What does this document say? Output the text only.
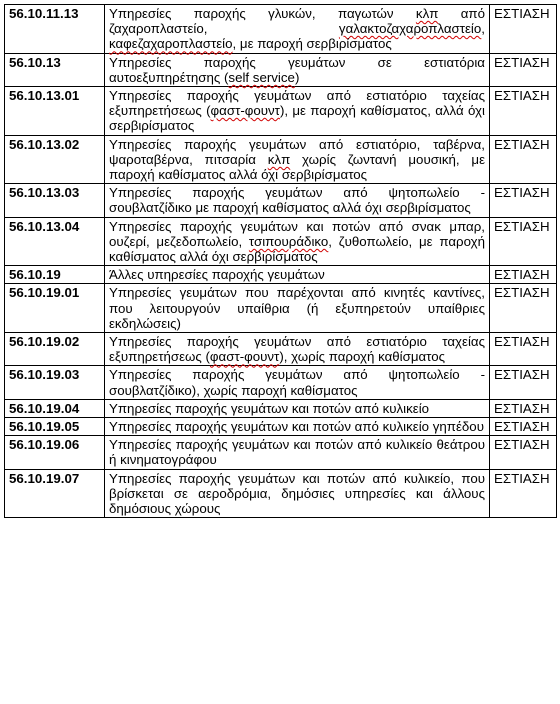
56.10.11.13	Υπηρεσίες παροχής γλυκών, παγωτών κλπ από ζαχαροπλαστείο, γαλακτοζαχαροπλαστείο, καφεζαχαροπλαστείο, με παροχή σερβιρίσματος	ΕΣΤΙΑΣΗ
56.10.13	Υπηρεσίες παροχής γευμάτων σε εστιατόρια αυτοεξυπηρέτησης (self service)	ΕΣΤΙΑΣΗ
56.10.13.01	Υπηρεσίες παροχής γευμάτων από εστιατόριο ταχείας εξυπηρετήσεως (φαστ-φουντ), με παροχή καθίσματος, αλλά όχι σερβιρίσματος	ΕΣΤΙΑΣΗ
56.10.13.02	Υπηρεσίες παροχής γευμάτων από εστιατόριο, ταβέρνα, ψαροταβέρνα, πιτσαρία κλπ χωρίς ζωντανή μουσική, με παροχή καθίσματος αλλά όχι σερβιρίσματος	ΕΣΤΙΑΣΗ
56.10.13.03	Υπηρεσίες παροχής γευμάτων από ψητοπωλείο - σουβλατζίδικο με παροχή καθίσματος αλλά όχι σερβιρίσματος	ΕΣΤΙΑΣΗ
56.10.13.04	Υπηρεσίες παροχής γευμάτων και ποτών από σνακ μπαρ, ουζερί, μεζεδοπωλείο, τσιπουράδικο, ζυθοπωλείο, με παροχή καθίσματος αλλά όχι σερβιρίσματος	ΕΣΤΙΑΣΗ
56.10.19	Άλλες υπηρεσίες παροχής γευμάτων	ΕΣΤΙΑΣΗ
56.10.19.01	Υπηρεσίες γευμάτων που παρέχονται από κινητές καντίνες, που λειτουργούν υπαίθρια (ή εξυπηρετούν υπαίθριες εκδηλώσεις)	ΕΣΤΙΑΣΗ
56.10.19.02	Υπηρεσίες παροχής γευμάτων από εστιατόριο ταχείας εξυπηρετήσεως (φαστ-φουντ), χωρίς παροχή καθίσματος	ΕΣΤΙΑΣΗ
56.10.19.03	Υπηρεσίες παροχής γευμάτων από ψητοπωλείο - σουβλατζίδικο), χωρίς παροχή καθίσματος	ΕΣΤΙΑΣΗ
56.10.19.04	Υπηρεσίες παροχής γευμάτων και ποτών από κυλικείο	ΕΣΤΙΑΣΗ
56.10.19.05	Υπηρεσίες παροχής γευμάτων και ποτών από κυλικείο γηπέδου	ΕΣΤΙΑΣΗ
56.10.19.06	Υπηρεσίες παροχής γευμάτων και ποτών από κυλικείο θεάτρου ή κινηματογράφου	ΕΣΤΙΑΣΗ
56.10.19.07	Υπηρεσίες παροχής γευμάτων και ποτών από κυλικείο, που βρίσκεται σε αεροδρόμια, δημόσιες υπηρεσίες και άλλους δημόσιους χώρους	ΕΣΤΙΑΣΗ
